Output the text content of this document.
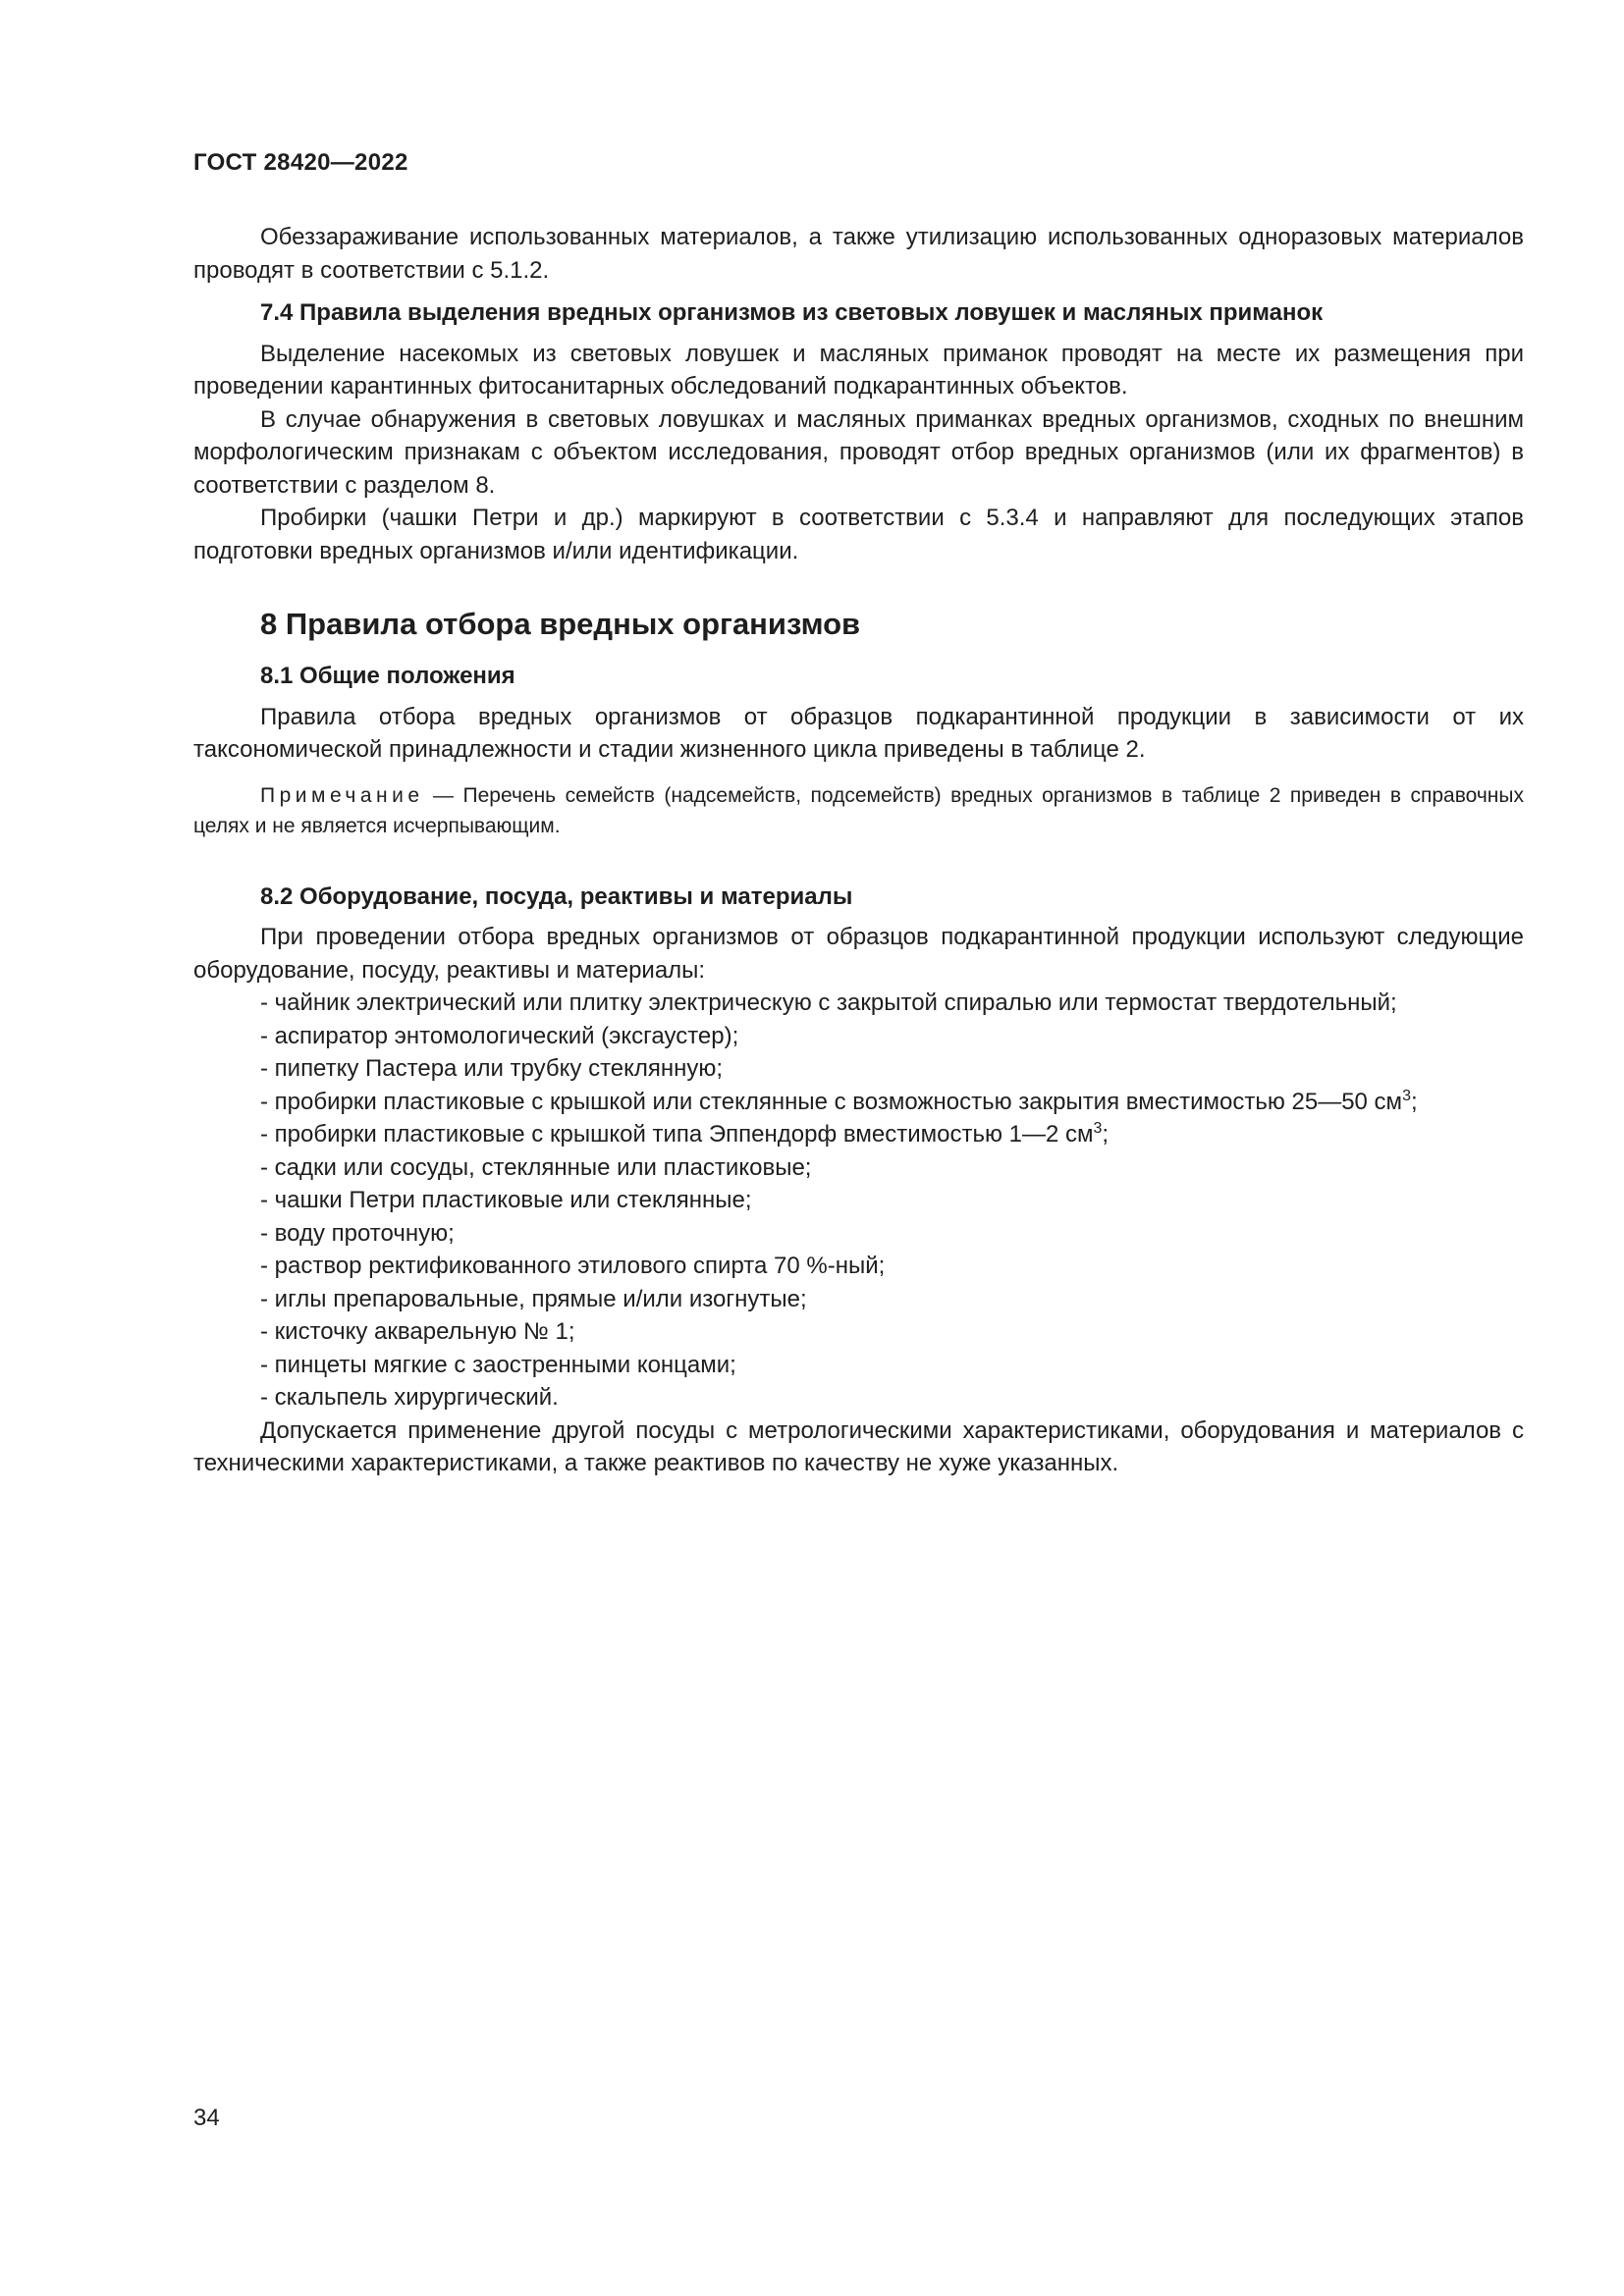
ГОСТ 28420—2022

Обеззараживание использованных материалов, а также утилизацию использованных одноразовых материалов проводят в соответствии с 5.1.2.

7.4 Правила выделения вредных организмов из световых ловушек и масляных приманок

Выделение насекомых из световых ловушек и масляных приманок проводят на месте их размещения при проведении карантинных фитосанитарных обследований подкарантинных объектов.

В случае обнаружения в световых ловушках и масляных приманках вредных организмов, сходных по внешним морфологическим признакам с объектом исследования, проводят отбор вредных организмов (или их фрагментов) в соответствии с разделом 8.

Пробирки (чашки Петри и др.) маркируют в соответствии с 5.3.4 и направляют для последующих этапов подготовки вредных организмов и/или идентификации.

8 Правила отбора вредных организмов
8.1 Общие положения

Правила отбора вредных организмов от образцов подкарантинной продукции в зависимости от их таксономической принадлежности и стадии жизненного цикла приведены в таблице 2.

Примечание — Перечень семейств (надсемейств, подсемейств) вредных организмов в таблице 2 приведен в справочных целях и не является исчерпывающим.

8.2 Оборудование, посуда, реактивы и материалы

При проведении отбора вредных организмов от образцов подкарантинной продукции используют следующие оборудование, посуду, реактивы и материалы:

- чайник электрический или плитку электрическую с закрытой спиралью или термостат твердотельный;
- аспиратор энтомологический (эксгаустер);
- пипетку Пастера или трубку стеклянную;
- пробирки пластиковые с крышкой или стеклянные с возможностью закрытия вместимостью 25—50 $см^3$;
- пробирки пластиковые с крышкой типа Эппендорф вместимостью 1—2 $см^3$;
- садки или сосуды, стеклянные или пластиковые;
- чашки Петри пластиковые или стеклянные;
- воду проточную;
- раствор ректификованного этилового спирта 70 %-ный;
- иглы препаровальные, прямые и/или изогнутые;
- кисточку акварельную № 1;
- пинцеты мягкие с заостренными концами;
- скальпель хирургический.

Допускается применение другой посуды с метрологическими характеристиками, оборудования и материалов с техническими характеристиками, а также реактивов по качеству не хуже указанных.

34
